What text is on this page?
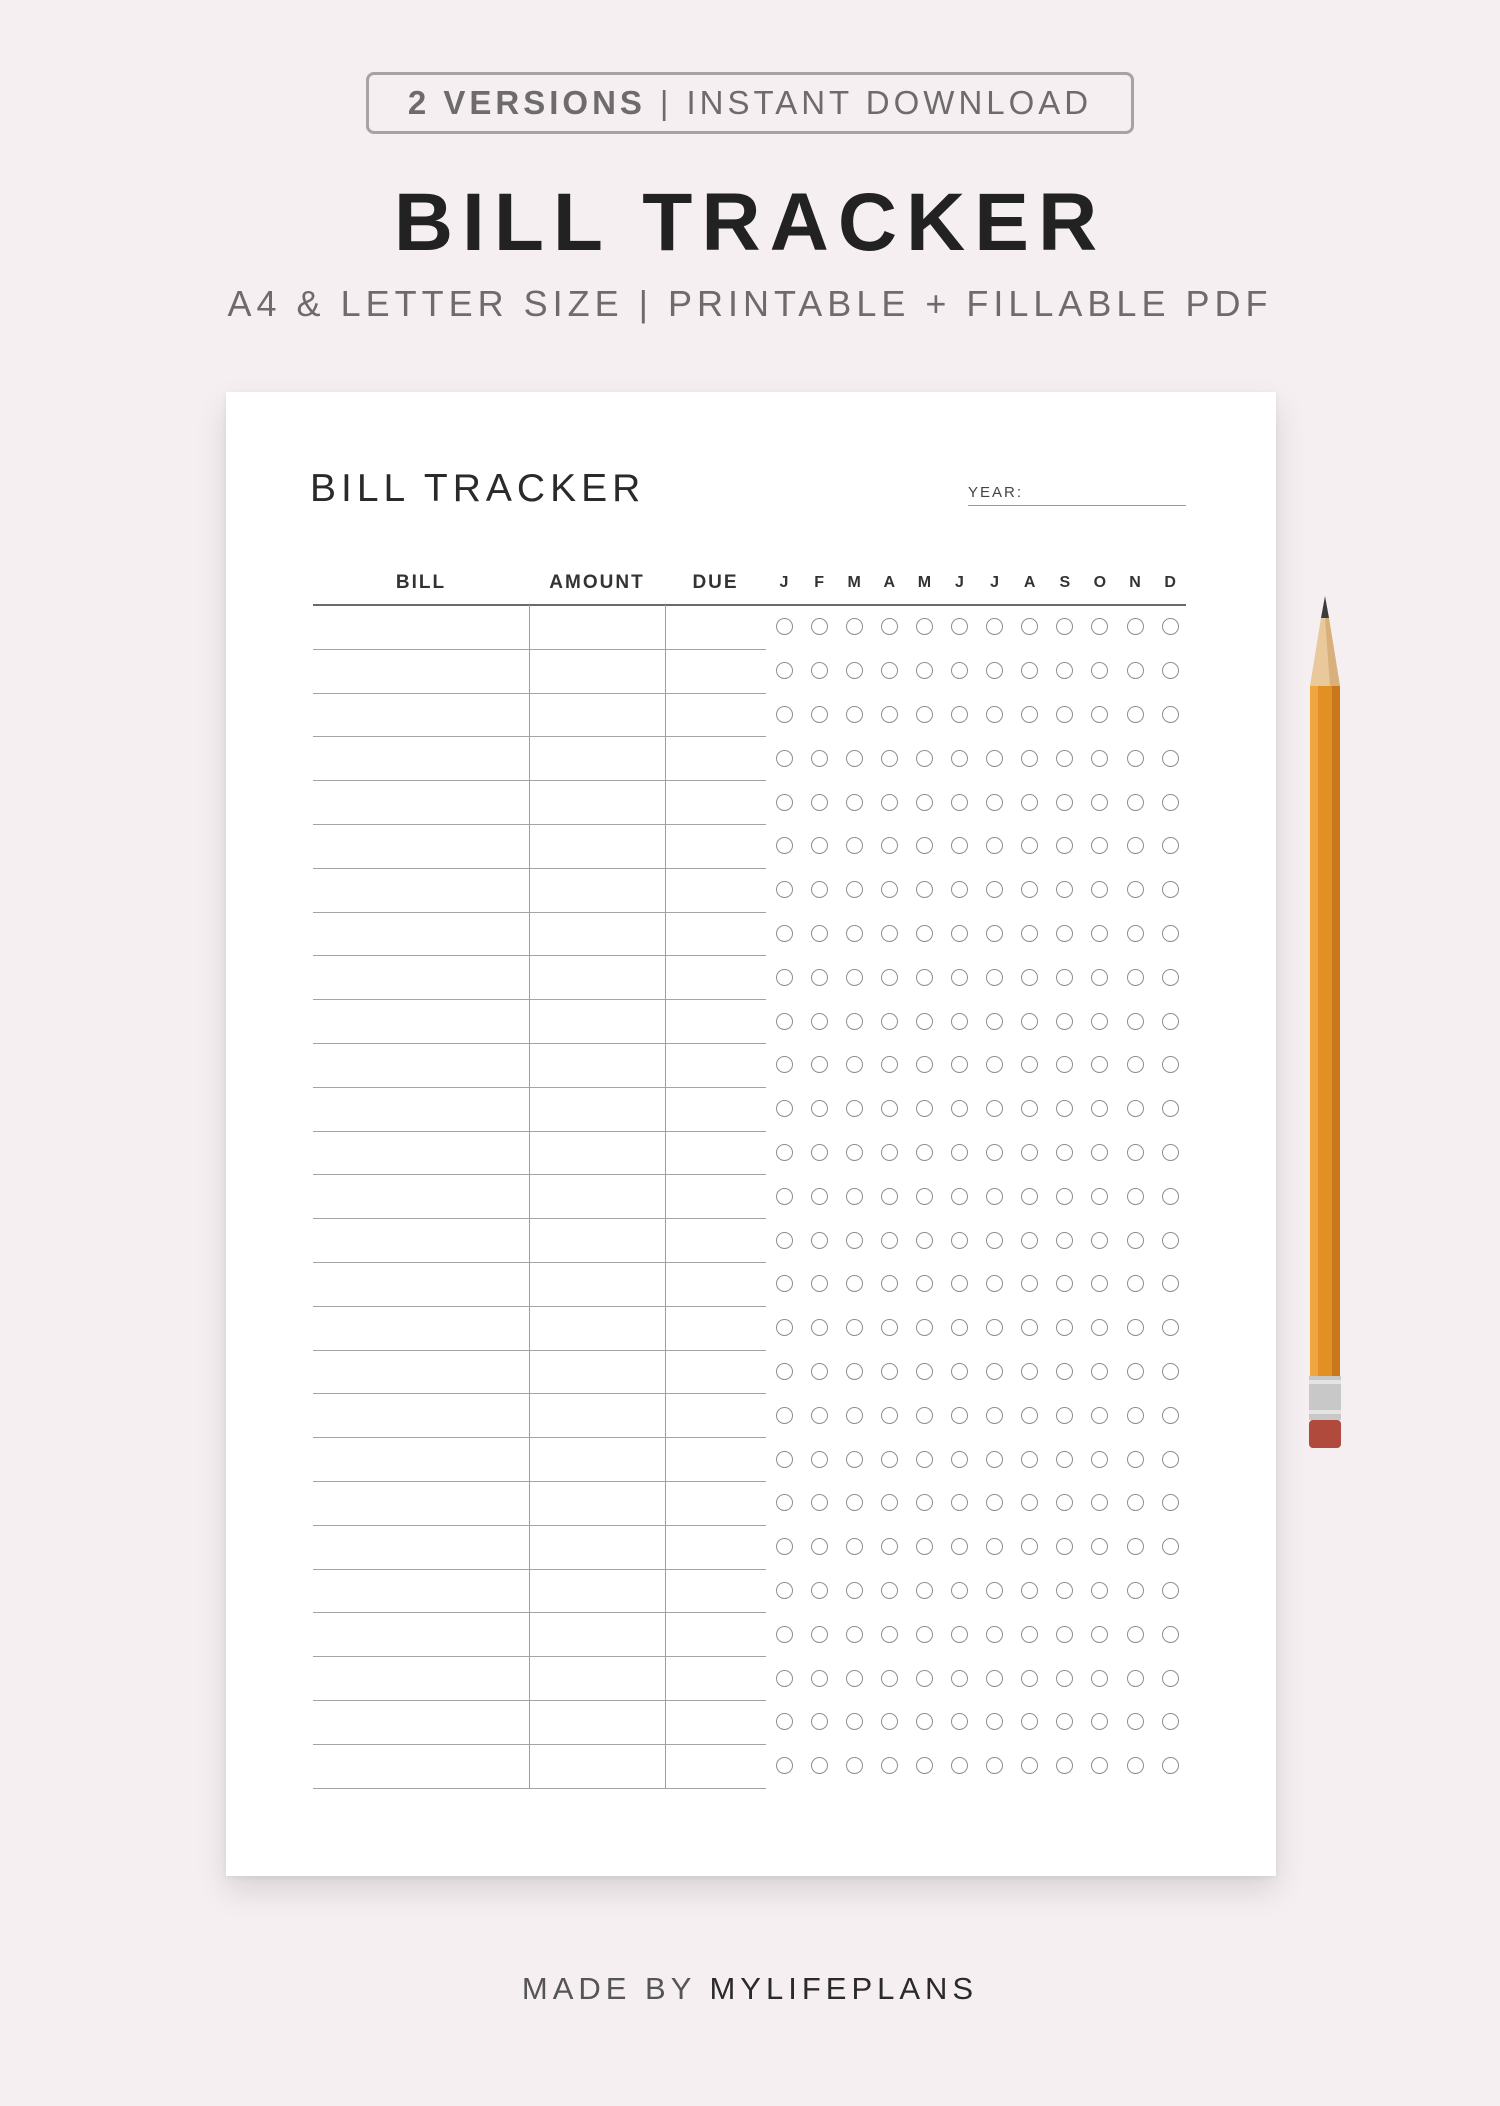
2 VERSIONS | INSTANT DOWNLOAD
BILL TRACKER
A4 & LETTER SIZE | PRINTABLE + FILLABLE PDF
BILL TRACKER	YEAR:
BILL	AMOUNT	DUE	J	F	M	A	M	J	J	A	S	O	N	D
MADE BY MYLIFEPLANS
